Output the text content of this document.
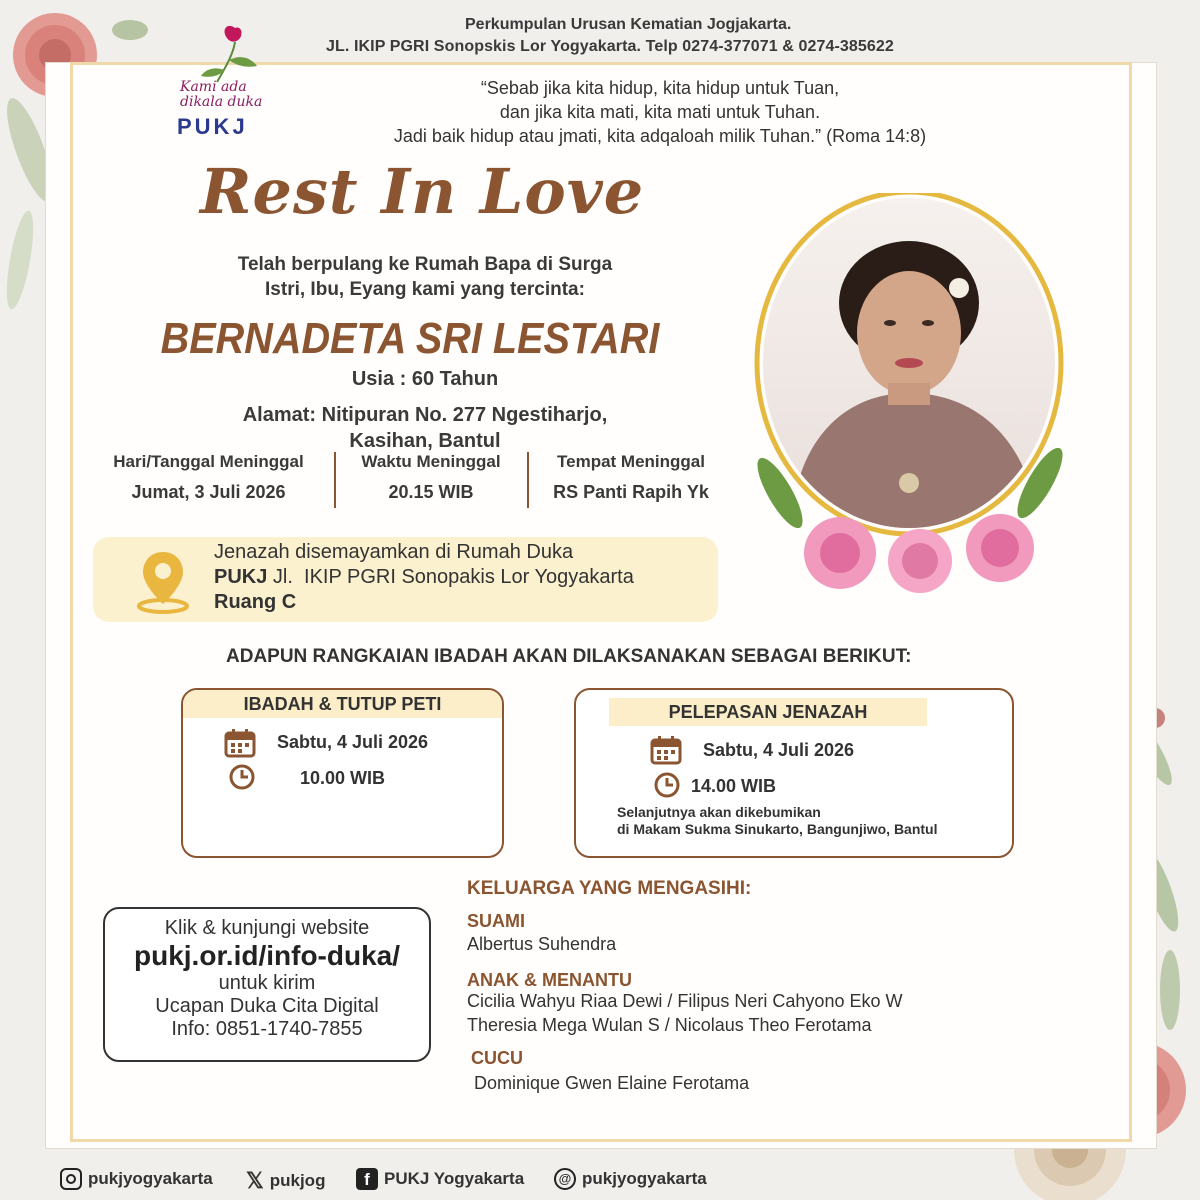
Perkumpulan Urusan Kematian Jogjakarta.
JL. IKIP PGRI Sonopskis Lor Yogyakarta. Telp 0274-377071 & 0274-385622
Kami ada
dikala duka
PUKJ
“Sebab jika kita hidup, kita hidup untuk Tuan,
dan jika kita mati, kita mati untuk Tuhan.
Jadi baik hidup atau jmati, kita adqaloah milik Tuhan.” (Roma 14:8)
Rest In Love
Telah berpulang ke Rumah Bapa di Surga
Istri, Ibu, Eyang kami yang tercinta:
BERNADETA SRI LESTARI
Usia : 60 Tahun
Alamat: Nitipuran No. 277 Ngestiharjo,
Kasihan, Bantul
Hari/Tanggal Meninggal
Jumat, 3 Juli 2026
Waktu Meninggal
20.15 WIB
Tempat Meninggal
RS Panti Rapih Yk
Jenazah disemayamkan di Rumah Duka
PUKJ Jl.  IKIP PGRI Sonopakis Lor Yogyakarta
Ruang C
ADAPUN RANGKAIAN IBADAH AKAN DILAKSANAKAN SEBAGAI BERIKUT:
IBADAH & TUTUP PETI
Sabtu, 4 Juli 2026
10.00 WIB
PELEPASAN JENAZAH
Sabtu, 4 Juli 2026
14.00 WIB
Selanjutnya akan dikebumikan
di Makam Sukma Sinukarto, Bangunjiwo, Bantul
KELUARGA YANG MENGASIHI:
SUAMI
Albertus Suhendra
ANAK & MENANTU
Cicilia Wahyu Riaa Dewi / Filipus Neri Cahyono Eko W
Theresia Mega Wulan S / Nicolaus Theo Ferotama
CUCU
Dominique Gwen Elaine Ferotama
Klik & kunjungi website
pukj.or.id/info-duka/
untuk kirim
Ucapan Duka Cita Digital
Info: 0851-1740-7855
pukjyogyakarta 𝕏 pukjog	f PUKJ Yogyakarta	@ pukjyogyakarta
